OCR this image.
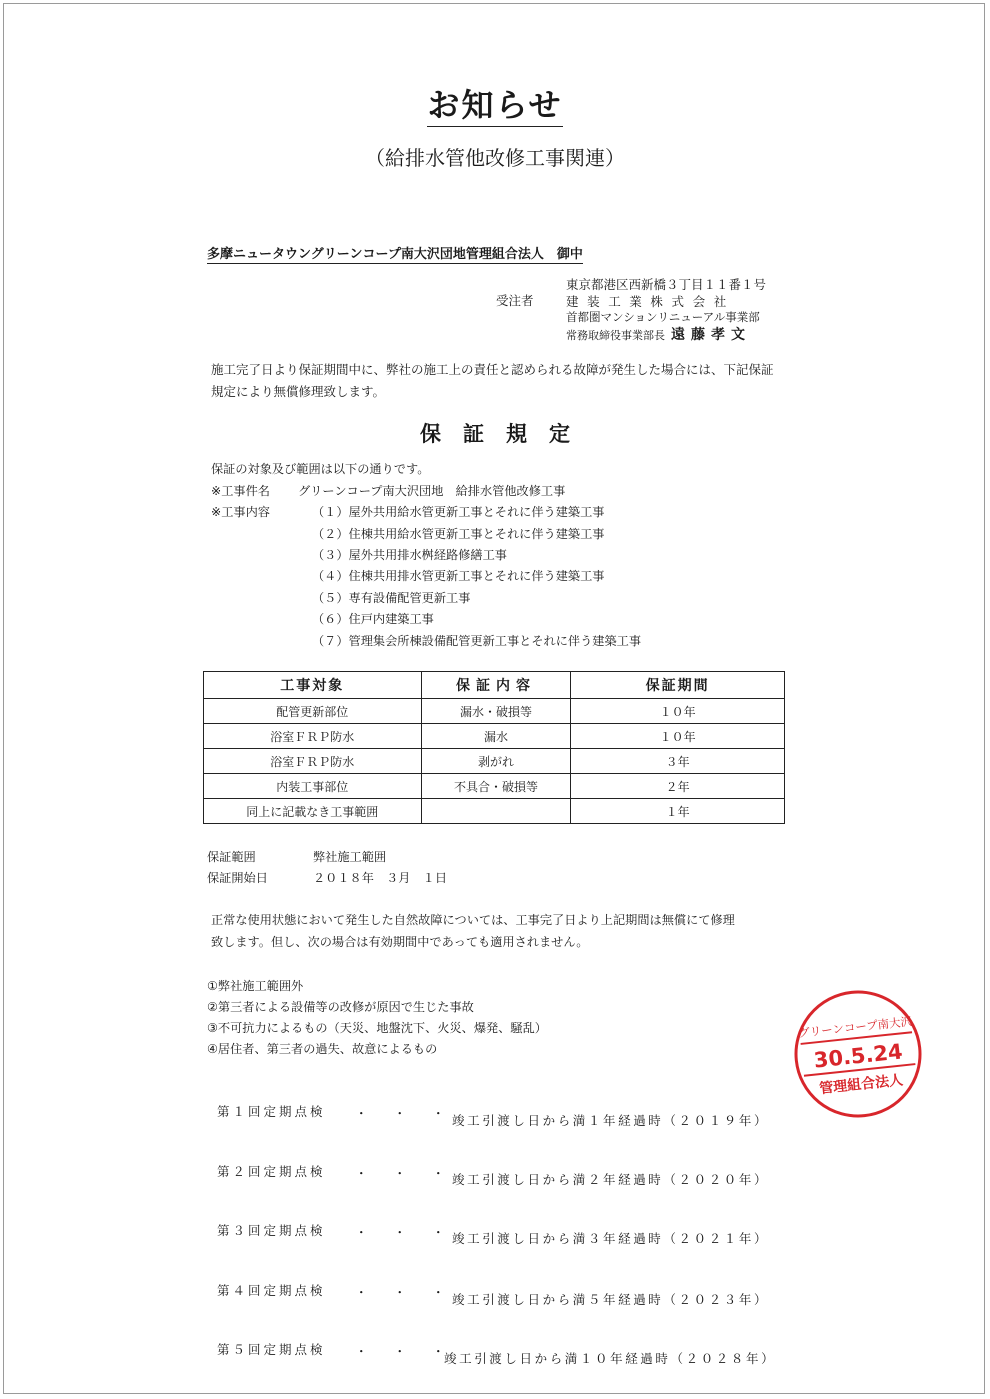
お知らせ
（給排水管他改修工事関連）
多摩ニュータウングリーンコープ南大沢団地管理組合法人　御中
受注者
東京都港区西新橋３丁目１１番１号
建装工業株式会社
首都圏マンションリニューアル事業部
常務取締役事業部長 遠藤孝文
施工完了日より保証期間中に、弊社の施工上の責任と認められる故障が発生した場合には、下記保証
規定により無償修理致します。
保証規定
保証の対象及び範囲は以下の通りです。
※工事件名 グリーンコープ南大沢団地　給排水管他改修工事
※工事内容	（１）屋外共用給水管更新工事とそれに伴う建築工事
（２）住棟共用給水管更新工事とそれに伴う建築工事
（３）屋外共用排水桝経路修繕工事
（４）住棟共用排水管更新工事とそれに伴う建築工事
（５）専有設備配管更新工事
（６）住戸内建築工事
（７）管理集会所棟設備配管更新工事とそれに伴う建築工事
工事対象	保証内容	保証期間
配管更新部位	漏水・破損等	１０年
浴室ＦＲＰ防水	漏水	１０年
浴室ＦＲＰ防水	剥がれ	３年
内装工事部位	不具合・破損等	２年
同上に記載なき工事範囲		１年
保証範囲	弊社施工範囲
保証開始日	２０１８年　３月　１日
正常な使用状態において発生した自然故障については、工事完了日より上記期間は無償にて修理
致します。但し、次の場合は有効期間中であっても適用されません。
①弊社施工範囲外
②第三者による設備等の改修が原因で生じた事故
③不可抗力によるもの（天災、地盤沈下、火災、爆発、騒乱）
④居住者、第三者の過失、故意によるもの
第１回定期点検 ・・・
竣工引渡し日から満１年経過時（２０１９年）
第２回定期点検 ・・・
竣工引渡し日から満２年経過時（２０２０年）
第３回定期点検 ・・・
竣工引渡し日から満３年経過時（２０２１年）
第４回定期点検 ・・・
竣工引渡し日から満５年経過時（２０２３年）
第５回定期点検 ・・・
竣工引渡し日から満１０年経過時（２０２８年）
グリーンコープ南大沢
30.5.24
管理組合法人
